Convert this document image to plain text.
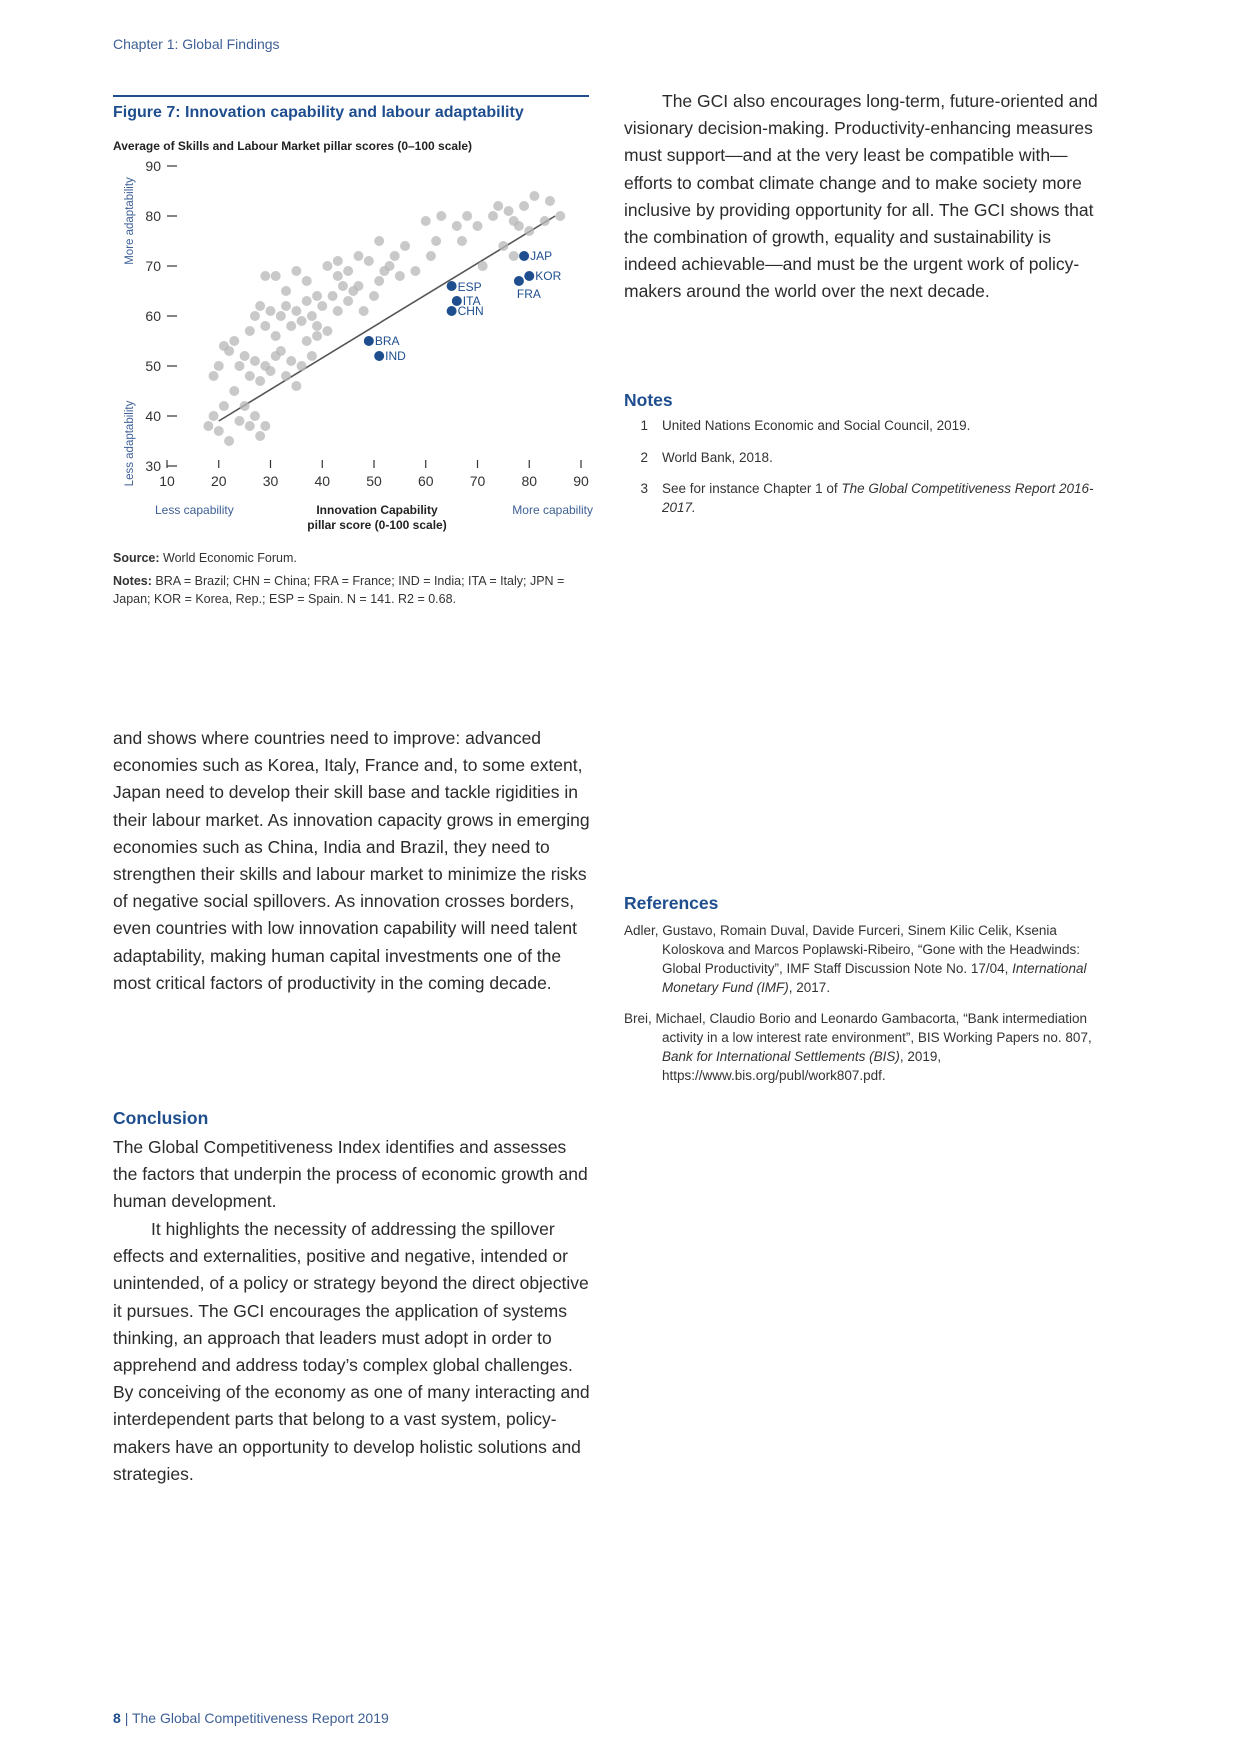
Chapter 1: Global Findings
Figure 7: Innovation capability and labour adaptability
Average of Skills and Labour Market pillar scores (0–100 scale)
JAP
KOR
FRA
ESP
ITA
CHN
BRA
IND
30
40
50
60
70
80
90
10	20	30	40	50	60	70	80	90
More adaptability
Less adaptability
Less capability	More capability
Innovation Capability
pillar score (0-100 scale)
Source: World Economic Forum.
Notes: BRA = Brazil; CHN = China; FRA = France; IND = India; ITA = Italy; JPN = Japan; KOR = Korea, Rep.; ESP = Spain. N = 141. R2 = 0.68.
The GCI also encourages long-term, future-oriented and visionary decision-making. Productivity-enhancing measures must support—and at the very least be compatible with—efforts to combat climate change and to make society more inclusive by providing opportunity for all. The GCI shows that the combination of growth, equality and sustainability is indeed achievable—and must be the urgent work of policy-makers around the world over the next decade.
and shows where countries need to improve: advanced economies such as Korea, Italy, France and, to some extent, Japan need to develop their skill base and tackle rigidities in their labour market. As innovation capacity grows in emerging economies such as China, India and Brazil, they need to strengthen their skills and labour market to minimize the risks of negative social spillovers. As innovation crosses borders, even countries with low innovation capability will need talent adaptability, making human capital investments one of the most critical factors of productivity in the coming decade.
Conclusion
The Global Competitiveness Index identifies and assesses the factors that underpin the process of economic growth and human development.
It highlights the necessity of addressing the spillover effects and externalities, positive and negative, intended or unintended, of a policy or strategy beyond the direct objective it pursues. The GCI encourages the application of systems thinking, an approach that leaders must adopt in order to apprehend and address today’s complex global challenges. By conceiving of the economy as one of many interacting and interdependent parts that belong to a vast system, policy-makers have an opportunity to develop holistic solutions and strategies.
Notes
1 United Nations Economic and Social Council, 2019.
2 World Bank, 2018.
3 See for instance Chapter 1 of The Global Competitiveness Report 2016-2017.
References
Adler, Gustavo, Romain Duval, Davide Furceri, Sinem Kilic Celik, Ksenia Koloskova and Marcos Poplawski-Ribeiro, “Gone with the Headwinds: Global Productivity”, IMF Staff Discussion Note No. 17/04, International Monetary Fund (IMF), 2017.
Brei, Michael, Claudio Borio and Leonardo Gambacorta, “Bank intermediation activity in a low interest rate environment”, BIS Working Papers no. 807, Bank for International Settlements (BIS), 2019, https://www.bis.org/publ/work807.pdf.
8 | The Global Competitiveness Report 2019
